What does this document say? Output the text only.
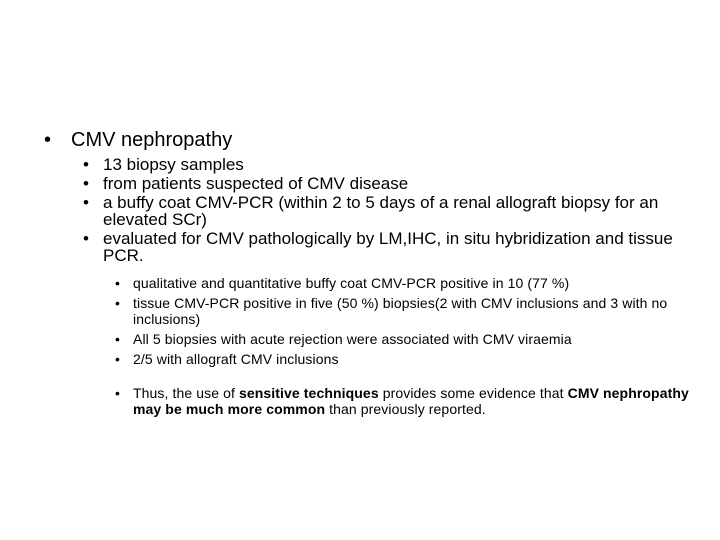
• CMV nephropathy
• 13 biopsy samples
• from patients suspected of CMV disease
• a buffy coat CMV-PCR (within 2 to 5 days of a renal allograft biopsy for an elevated SCr)
• evaluated for CMV pathologically by LM,IHC, in situ hybridization and tissue PCR.
• qualitative and quantitative buffy coat CMV-PCR positive in 10 (77 %)
• tissue CMV-PCR positive in five (50 %) biopsies(2 with CMV inclusions and 3 with no inclusions)
• All 5 biopsies with acute rejection were associated with CMV viraemia
• 2/5 with allograft CMV inclusions
• Thus, the use of sensitive techniques provides some evidence that CMV nephropathy may be much more common than previously reported.
